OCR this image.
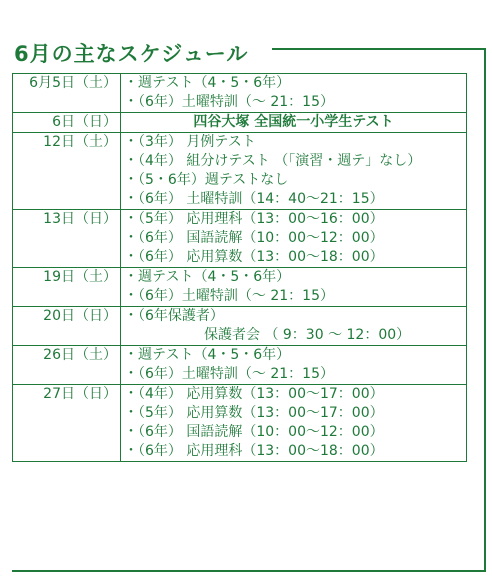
6月の主なスケジュール
6月5日（土）	・週テスト（4・5・6年）
・（6年）土曜特訓（～ 21：15）

6日（日）	四谷大塚 全国統一小学生テスト

12日（土）	・（3年） 月例テスト
・（4年） 組分けテスト （「演習・週テ」なし）
・（5・6年）週テストなし
・（6年） 土曜特訓（14：40～21：15）

13日（日）	・（5年） 応用理科（13：00～16：00）
・（6年） 国語読解（10：00～12：00）
・（6年） 応用算数（13：00～18：00）

19日（土）	・週テスト（4・5・6年）
・（6年）土曜特訓（～ 21：15）

20日（日）	・（6年保護者）
保護者会 （ 9：30 ～ 12：00）

26日（土）	・週テスト（4・5・6年）
・（6年）土曜特訓（～ 21：15）

27日（日）	・（4年） 応用算数（13：00～17：00）
・（5年） 応用算数（13：00～17：00）
・（6年） 国語読解（10：00～12：00）
・（6年） 応用理科（13：00～18：00）
